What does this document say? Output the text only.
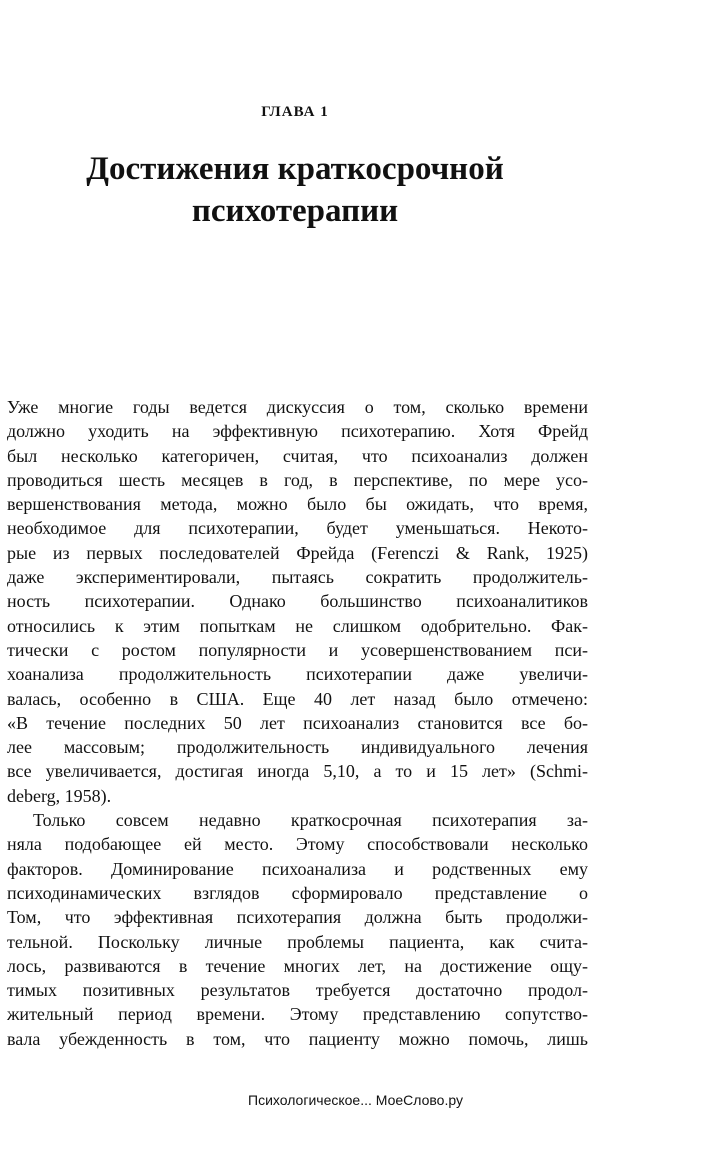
ГЛАВА 1
Достижения краткосрочной
психотерапии
Уже многие годы ведется дискуссия о том, сколько времени
должно уходить на эффективную психотерапию. Хотя Фрейд
был несколько категоричен, считая, что психоанализ должен
проводиться шесть месяцев в год, в перспективе, по мере усо-
вершенствования метода, можно было бы ожидать, что время,
необходимое для психотерапии, будет уменьшаться. Некото-
рые из первых последователей Фрейда (Ferenczi & Rank, 1925)
даже экспериментировали, пытаясь сократить продолжитель-
ность психотерапии. Однако большинство психоаналитиков
относились к этим попыткам не слишком одобрительно. Фак-
тически с ростом популярности и усовершенствованием пси-
хоанализа продолжительность психотерапии даже увеличи-
валась, особенно в США. Еще 40 лет назад было отмечено:
«В течение последних 50 лет психоанализ становится все бо-
лее массовым; продолжительность индивидуального лечения
все увеличивается, достигая иногда 5,10, а то и 15 лет» (Schmi-
deberg, 1958).
Только совсем недавно краткосрочная психотерапия за-
няла подобающее ей место. Этому способствовали несколько
факторов. Доминирование психоанализа и родственных ему
психодинамических взглядов сформировало представление о
Том, что эффективная психотерапия должна быть продолжи-
тельной. Поскольку личные проблемы пациента, как счита-
лось, развиваются в течение многих лет, на достижение ощу-
тимых позитивных результатов требуется достаточно продол-
жительный период времени. Этому представлению сопутство-
вала убежденность в том, что пациенту можно помочь, лишь
Психологическое... МоеСлово.ру
